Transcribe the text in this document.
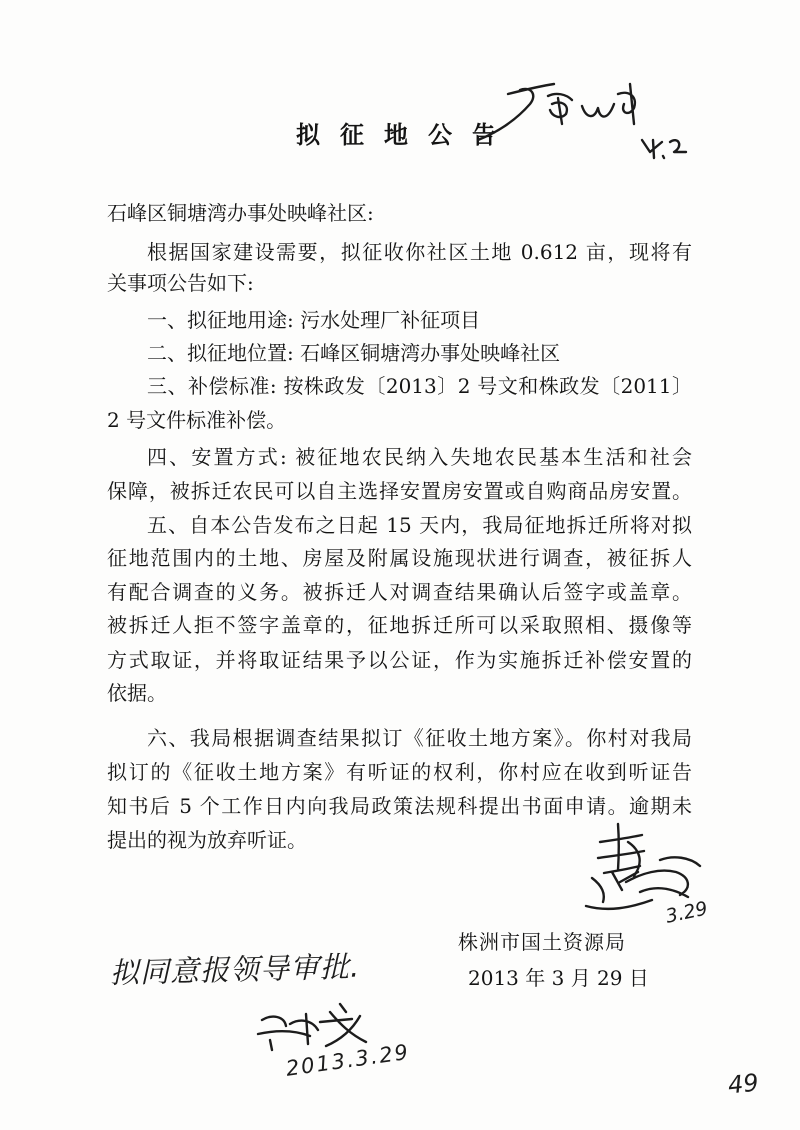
拟征地公告
石峰区铜塘湾办事处映峰社区:
根据国家建设需要，拟征收你社区土地 0.612 亩，现将有
关事项公告如下:
一、拟征地用途: 污水处理厂补征项目
二、拟征地位置: 石峰区铜塘湾办事处映峰社区
三、补偿标准: 按株政发〔2013〕2 号文和株政发〔2011〕
2 号文件标准补偿。
四、安置方式: 被征地农民纳入失地农民基本生活和社会
保障，被拆迁农民可以自主选择安置房安置或自购商品房安置。
五、自本公告发布之日起 15 天内，我局征地拆迁所将对拟
征地范围内的土地、房屋及附属设施现状进行调查，被征拆人
有配合调查的义务。被拆迁人对调查结果确认后签字或盖章。
被拆迁人拒不签字盖章的，征地拆迁所可以采取照相、摄像等
方式取证，并将取证结果予以公证，作为实施拆迁补偿安置的
依据。
六、我局根据调查结果拟订《征收土地方案》。你村对我局
拟订的《征收土地方案》有听证的权利，你村应在收到听证告
知书后 5 个工作日内向我局政策法规科提出书面申请。逾期未
提出的视为放弃听证。
株洲市国土资源局
2013 年 3 月 29 日
拟同意报领导审批.
2013.3.29
3.29
49
